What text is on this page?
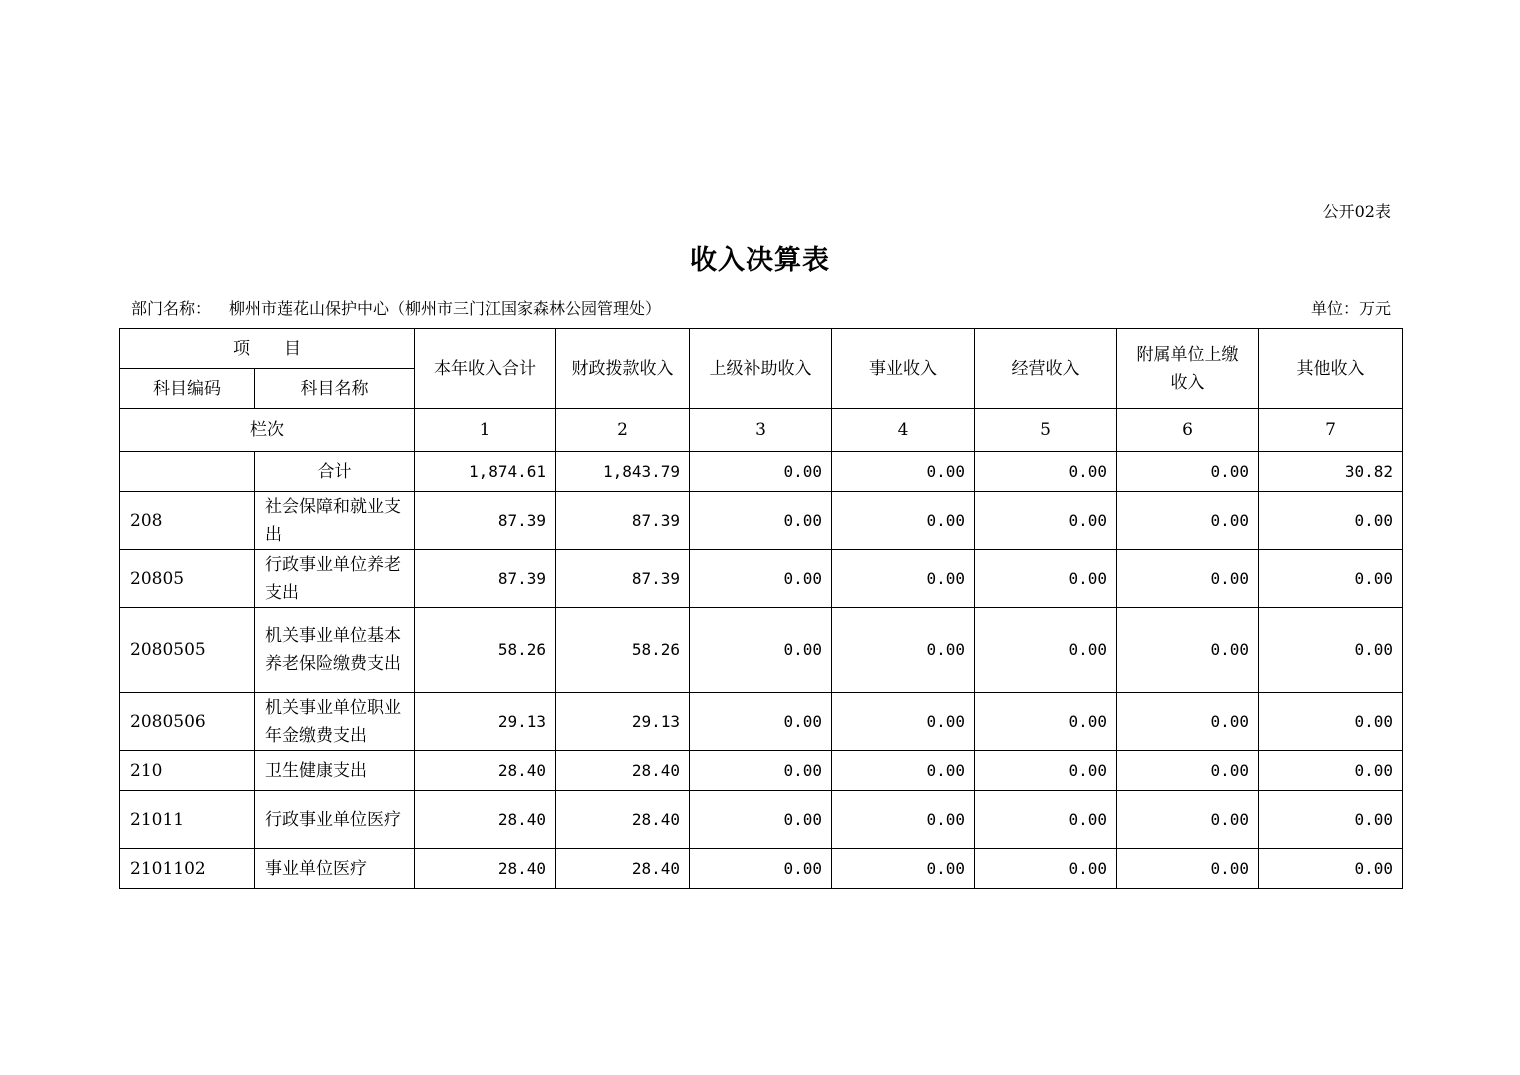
公开02表
收入决算表
部门名称： 柳州市莲花山保护中心（柳州市三门江国家森林公园管理处）	单位：万元
项　　目		本年收入合计	财政拨款收入	上级补助收入	事业收入	经营收入	附属单位上缴收入	其他收入
科目编码	科目名称							
栏次		1	2	3	4	5	6	7
	合计	1,874.61	1,843.79	0.00	0.00	0.00	0.00	30.82
208	社会保障和就业支出	87.39	87.39	0.00	0.00	0.00	0.00	0.00
20805	行政事业单位养老支出	87.39	87.39	0.00	0.00	0.00	0.00	0.00
2080505	机关事业单位基本养老保险缴费支出	58.26	58.26	0.00	0.00	0.00	0.00	0.00
2080506	机关事业单位职业年金缴费支出	29.13	29.13	0.00	0.00	0.00	0.00	0.00
210	卫生健康支出	28.40	28.40	0.00	0.00	0.00	0.00	0.00
21011	行政事业单位医疗	28.40	28.40	0.00	0.00	0.00	0.00	0.00
2101102	事业单位医疗	28.40	28.40	0.00	0.00	0.00	0.00	0.00
